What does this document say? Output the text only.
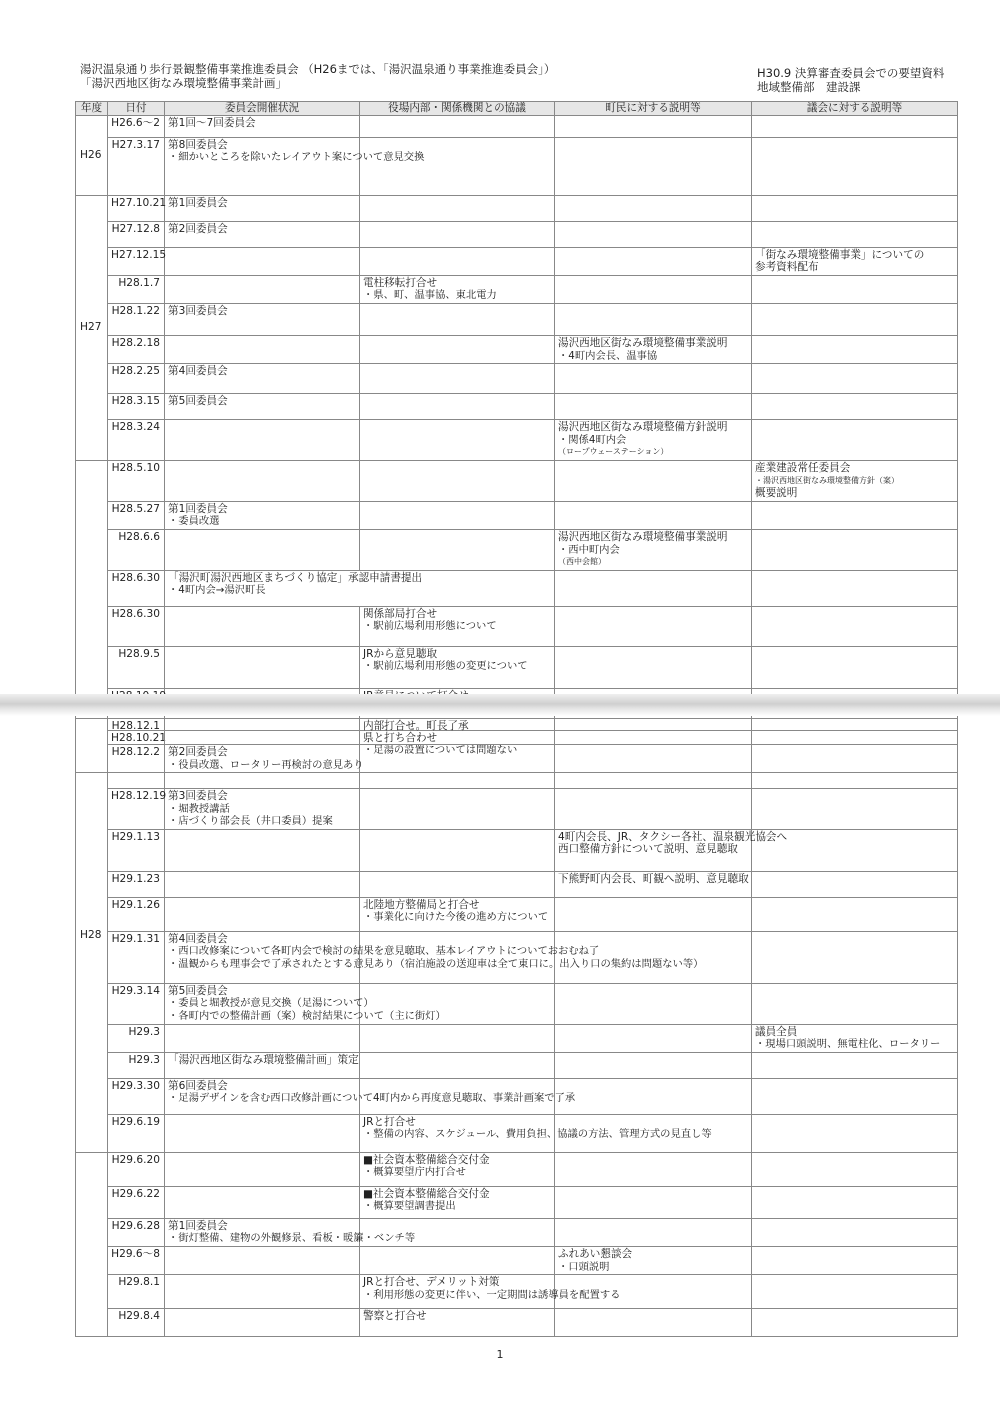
湯沢温泉通り歩行景観整備事業推進委員会 （H26までは、「湯沢温泉通り事業推進委員会」）
「湯沢西地区街なみ環境整備事業計画」
H30.9 決算審査委員会での要望資料
地域整備部　建設課
年度	日付	委員会開催状況	役場内部・関係機関との協議	町民に対する説明等	議会に対する説明等
H26	H26.6～2	第1回～7回委員会			

	H27.3.17	第8回委員会
・細かいところを除いたレイアウト案について意見交換			

H27	H27.10.21	第1回委員会			

	H27.12.8	第2回委員会			

	H27.12.15				「街なみ環境整備事業」についての
参考資料配布

	H28.1.7		電柱移転打合せ
・県、町、温事協、東北電力		

	H28.1.22	第3回委員会			

	H28.2.18			湯沢西地区街なみ環境整備事業説明
・4町内会長、温事協	

	H28.2.25	第4回委員会			

	H28.3.15	第5回委員会			

	H28.3.24			湯沢西地区街なみ環境整備方針説明
・関係4町内会
（ロープウェーステーション）	

	H28.5.10				産業建設常任委員会
・湯沢西地区街なみ環境整備方針（案）
概要説明

	H28.5.27	第1回委員会
・委員改選			

	H28.6.6			湯沢西地区街なみ環境整備事業説明
・西中町内会
（西中会館）	

	H28.6.30	「湯沢町湯沢西地区まちづくり協定」承認申請書提出
・4町内会→湯沢町長			

	H28.6.30		関係部局打合せ
・駅前広場利用形態について		

	H28.9.5		JRから意見聴取
・駅前広場利用形態の変更について		

	H28.10.21		県と打ち合わせ
・足湯の設置については問題ない		

H28	H28.12.1		内部打合せ。町長了承		

	H28.12.2	第2回委員会
・役員改選、ロータリー再検討の意見あり			

	H28.12.19	第3回委員会
・堀教授講話
・店づくり部会長（井口委員）提案			

	H29.1.13			4町内会長、JR、タクシー各社、温泉観光協会へ
西口整備方針について説明、意見聴取	

	H29.1.23			下熊野町内会長、町観へ説明、意見聴取	

	H29.1.26		北陸地方整備局と打合せ
・事業化に向けた今後の進め方について		

	H29.1.31	第4回委員会
・西口改修案について各町内会で検討の結果を意見聴取、基本レイアウトについておおむね了
・温観からも理事会で了承されたとする意見あり（宿泊施設の送迎車は全て東口に。出入り口の集約は問題ない等）			

	H29.3.14	第5回委員会
・委員と堀教授が意見交換（足湯について）
・各町内での整備計画（案）検討結果について（主に街灯）			

	H29.3				議員全員
・現場口頭説明、無電柱化、ロータリー

	H29.3	「湯沢西地区街なみ環境整備計画」策定			

	H29.3.30	第6回委員会
・足湯デザインを含む西口改修計画について4町内から再度意見聴取、事業計画案で了承			

	H29.6.19		JRと打合せ
・整備の内容、スケジュール、費用負担、協議の方法、管理方式の見直し等		

	H29.6.20		■社会資本整備総合交付金
・概算要望庁内打合せ		

	H29.6.22		■社会資本整備総合交付金
・概算要望調書提出		

	H29.6.28	第1回委員会
・街灯整備、建物の外観修景、看板・暖簾・ベンチ等			

	H29.6～8			ふれあい懇談会
・口頭説明	

	H29.8.1		JRと打合せ、デメリット対策
・利用形態の変更に伴い、一定期間は誘導員を配置する		

	H29.8.4		警察と打合せ		

1
